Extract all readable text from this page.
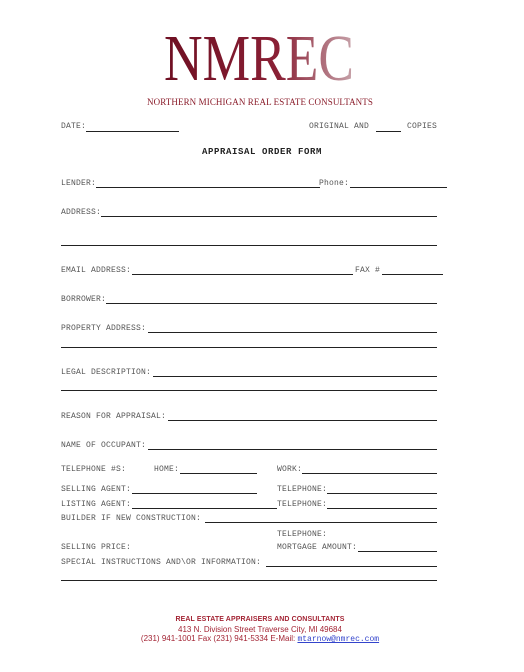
NMREC
NORTHERN MICHIGAN REAL ESTATE CONSULTANTS
DATE:	ORIGINAL AND	COPIES
APPRAISAL ORDER FORM
LENDER:	Phone:
ADDRESS:
EMAIL ADDRESS:	FAX #
BORROWER:
PROPERTY ADDRESS:
LEGAL DESCRIPTION:
REASON FOR APPRAISAL:
NAME OF OCCUPANT:
TELEPHONE #S:	HOME:	WORK:
SELLING AGENT:	TELEPHONE:
LISTING AGENT:	TELEPHONE:
BUILDER IF NEW CONSTRUCTION:
TELEPHONE:
SELLING PRICE:	MORTGAGE AMOUNT:
SPECIAL INSTRUCTIONS AND\OR INFORMATION:
REAL ESTATE APPRAISERS AND CONSULTANTS
413 N. Division Street Traverse City, MI 49684
(231) 941-1001 Fax (231) 941-5334 E-Mail: mtarnow@nmrec.com
